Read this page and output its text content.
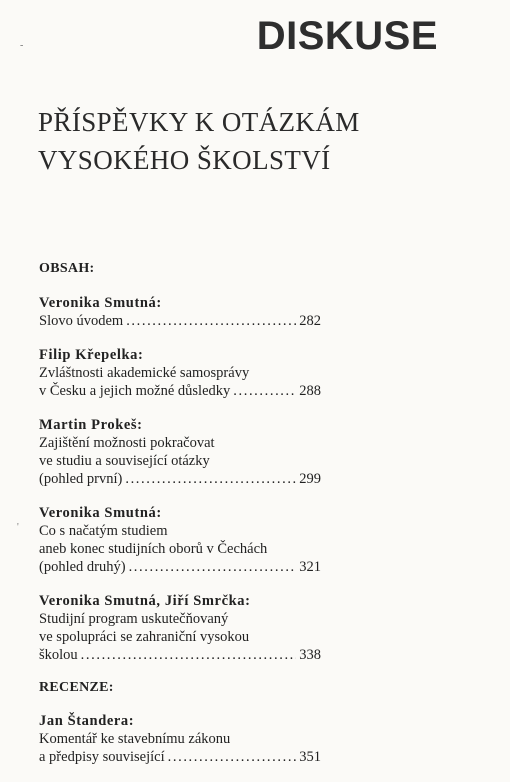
-
'
DISKUSE
PŘÍSPĚVKY K OTÁZKÁM
VYSOKÉHO ŠKOLSTVÍ
OBSAH:
Veronika Smutná:
Slovo úvodem .....	282
Filip Křepelka:
Zvláštnosti akademické samosprávy
v Česku a jejich možné důsledky .....	288
Martin Prokeš:
Zajištění možnosti pokračovat
ve studiu a související otázky
(pohled první) .....	299
Veronika Smutná:
Co s načatým studiem
aneb konec studijních oborů v Čechách
(pohled druhý) .....	321
Veronika Smutná, Jiří Smrčka:
Studijní program uskutečňovaný
ve spolupráci se zahraniční vysokou
školou .....	338
RECENZE:
Jan Štandera:
Komentář ke stavebnímu zákonu
a předpisy související .....	351
